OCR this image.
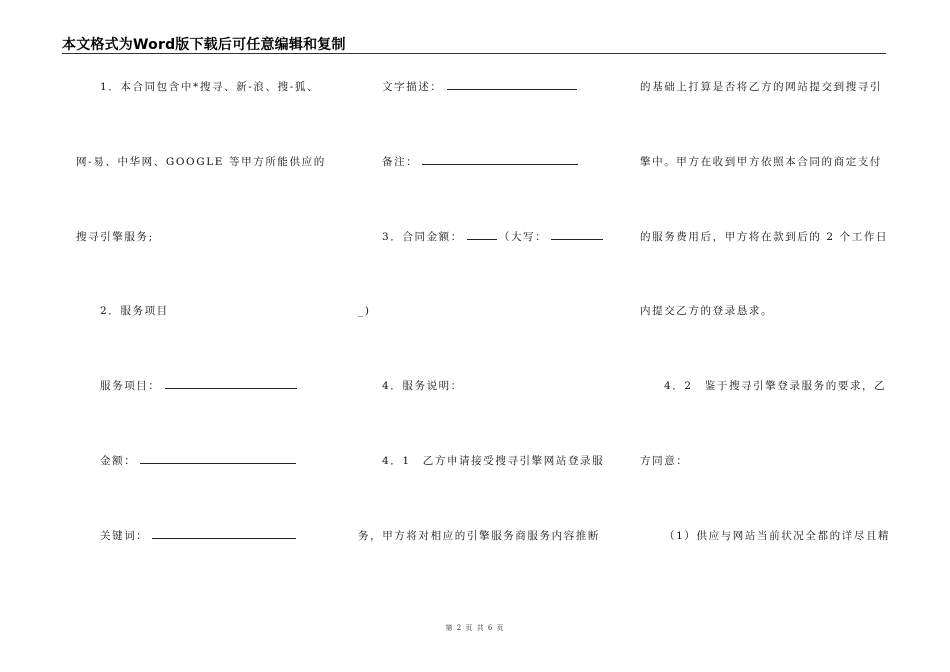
本文格式为Word版下载后可任意编辑和复制
1．本合同包含中*搜寻、新-浪、搜-狐、
网-易、中华网、GOOGLE 等甲方所能供应的
搜寻引擎服务;
2．服务项目
服务项目：
金额：
关键词：
文字描述：
备注：
3．合同金额：	（大写：
_)
4．服务说明：
4．1　乙方申请接受搜寻引擎网站登录服
务，甲方将对相应的引擎服务商服务内容推断
的基础上打算是否将乙方的网站提交到搜寻引
擎中。甲方在收到甲方依照本合同的商定支付
的服务费用后，甲方将在款到后的 2 个工作日
内提交乙方的登录恳求。
4．2　鉴于搜寻引擎登录服务的要求，乙
方同意：
（1）供应与网站当前状况全都的详尽且精
第 2 页 共 6 页
